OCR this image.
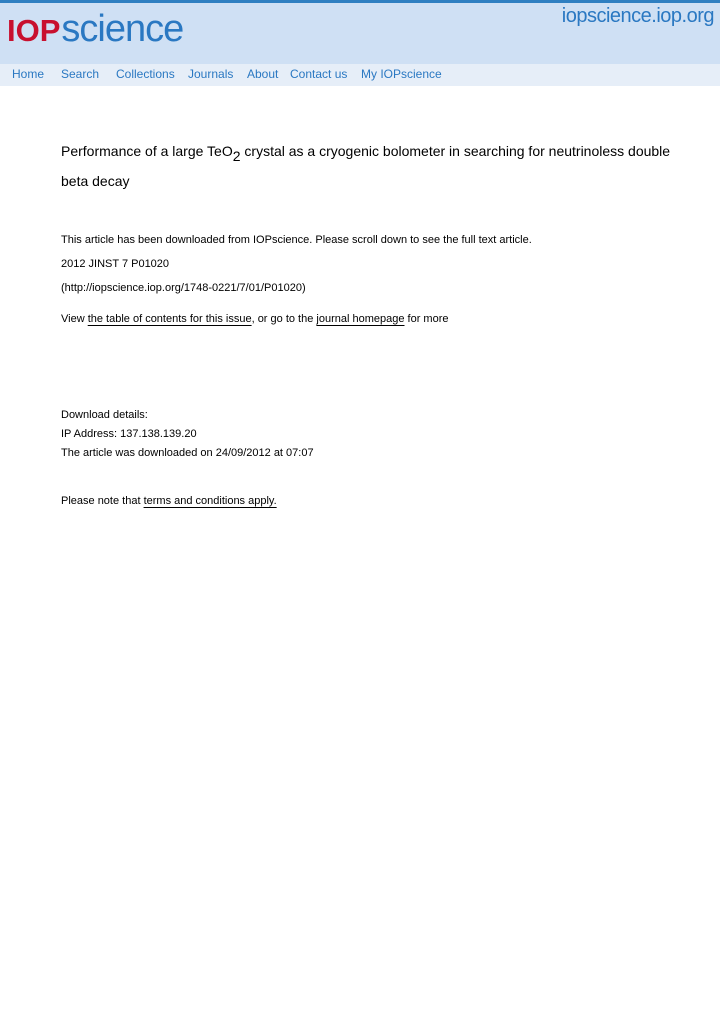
IOP science	iopscience.iop.org
Home Search Collections Journals About Contact us My IOPscience
Performance of a large TeO$_2$ crystal as a cryogenic bolometer in searching for neutrinoless double beta decay
This article has been downloaded from IOPscience. Please scroll down to see the full text article.
2012 JINST 7 P01020
(http://iopscience.iop.org/1748-0221/7/01/P01020)
View the table of contents for this issue, or go to the journal homepage for more
Download details:
IP Address: 137.138.139.20
The article was downloaded on 24/09/2012 at 07:07
Please note that terms and conditions apply.
